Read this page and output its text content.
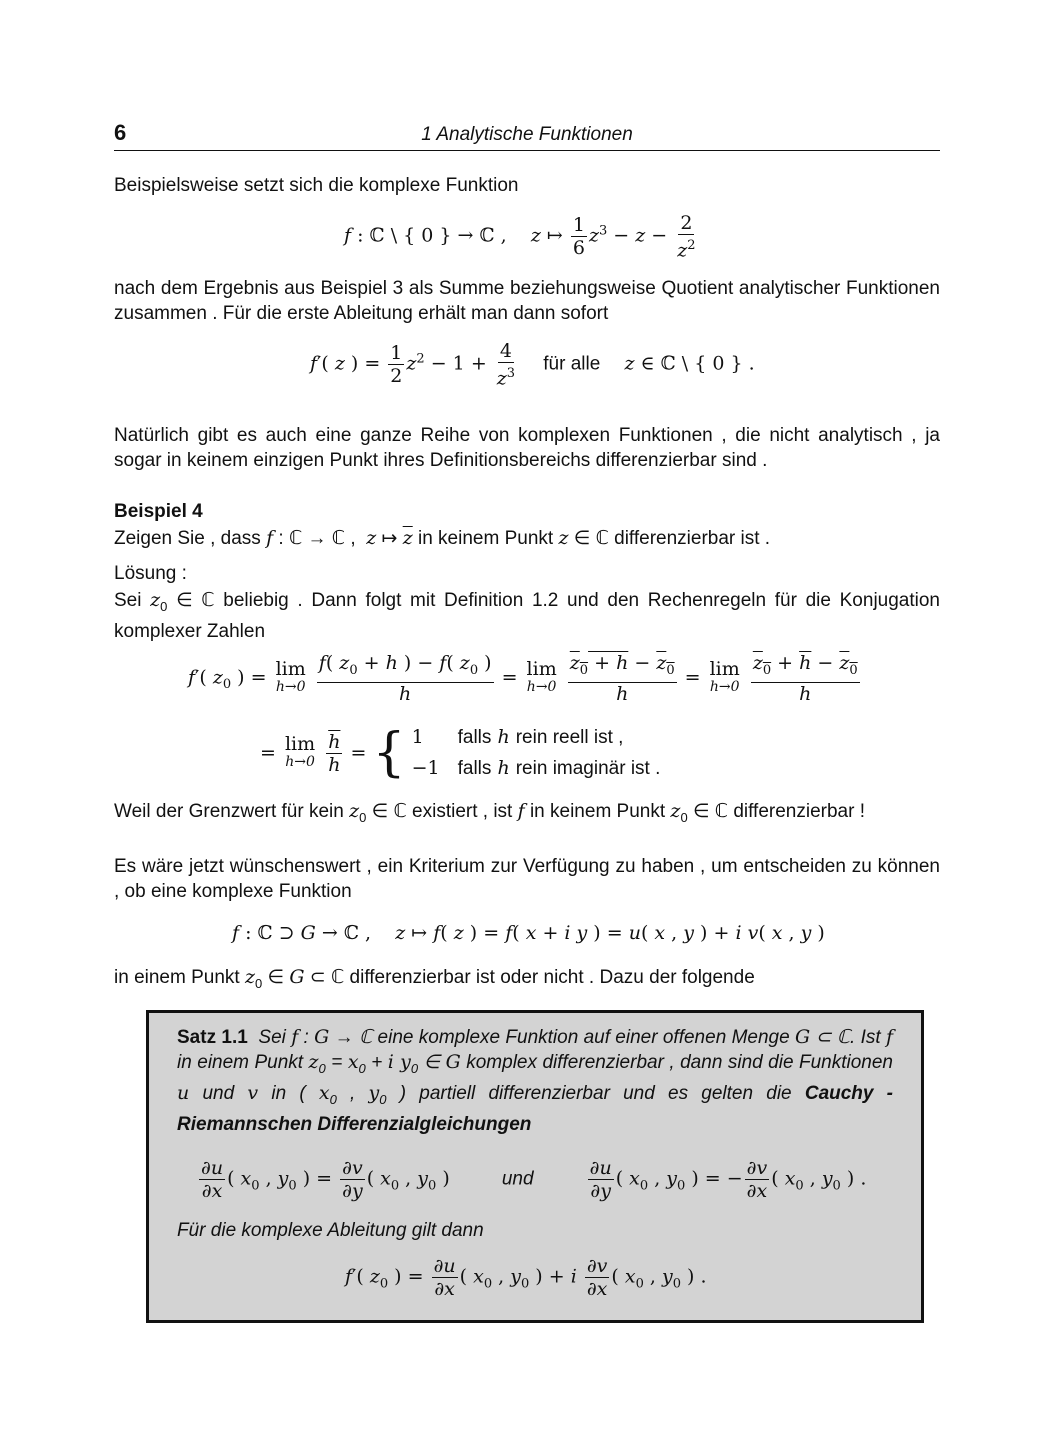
6	1 Analytische Funktionen
Beispielsweise setzt sich die komplexe Funktion
f : ℂ \ { 0 } → ℂ ,    z ↦ $\frac{1}{6} z^3 - z - \frac{2}{z^2}$
nach dem Ergebnis aus Beispiel 3 als Summe beziehungsweise Quotient analytischer Funktionen zusammen . Für die erste Ableitung erhält man dann sofort
f′( z ) = $\frac{1}{2} z^2 - 1 + \frac{4}{z^3}$ für alle z ∈ ℂ \ { 0 } .
Natürlich gibt es auch eine ganze Reihe von komplexen Funktionen , die nicht analytisch , ja sogar in keinem einzigen Punkt ihres Definitionsbereichs differenzierbar sind .
Beispiel 4
Zeigen Sie , dass f : ℂ → ℂ ,  z ↦ $\overline{z}$ in keinem Punkt z ∈ ℂ differenzierbar ist .
Lösung :
Sei $z_0$ ∈ ℂ beliebig . Dann folgt mit Definition 1.2 und den Rechenregeln für die Konjugation komplexer Zahlen
f′( $z_0$ ) = lim
h→0
$\frac{f( z_0 + h ) - f( z_0 )}{h} = \lim$
h→0
$\frac{z_0 + h - z_0}{h} = \lim$
h→0
$\frac{z_0 + \overline{h} - z_0}{h}$
= lim
h→0
$\frac{\overline{h}}{h}$ = { 1 falls h rein reell ist ,
−1 falls h rein imaginär ist .
Weil der Grenzwert für kein $z_0$ ∈ ℂ existiert , ist f in keinem Punkt $z_0$ ∈ ℂ differenzierbar !
Es wäre jetzt wünschenswert , ein Kriterium zur Verfügung zu haben , um entscheiden zu können , ob eine komplexe Funktion
f : ℂ ⊃ G → ℂ ,    z ↦ f( z ) = f( x + i y ) = u( x , y ) + i v( x , y )
in einem Punkt $z_0$ ∈ G ⊂ ℂ differenzierbar ist oder nicht . Dazu der folgende
Satz 1.1 Sei f : G → ℂ eine komplexe Funktion auf einer offenen Menge G ⊂ ℂ. Ist f in einem Punkt $z_0 = x_0 + i$ $y_0$ ∈ G komplex differenzierbar , dann sind die Funktionen u und v in ( $x_0$ , $y_0$ ) partiell differenzierbar und es gelten die Cauchy - Riemannschen Differenzialgleichungen
$\frac{\partial u}{\partial x}$ ( $x_0$ , $y_0$ ) = $\frac{\partial v}{\partial y}$ ( $x_0$ , $y_0$ )  und	$\frac{\partial u}{\partial y}$ ( $x_0$ , $y_0$ ) = − $\frac{\partial v}{\partial x}$ ( $x_0$ , $y_0$ ) .
Für die komplexe Ableitung gilt dann
f′( $z_0$ ) = $\frac{\partial u}{\partial x}$ ( $x_0$ , $y_0$ ) + i $\frac{\partial v}{\partial x}$ ( $x_0$ , $y_0$ ) .
